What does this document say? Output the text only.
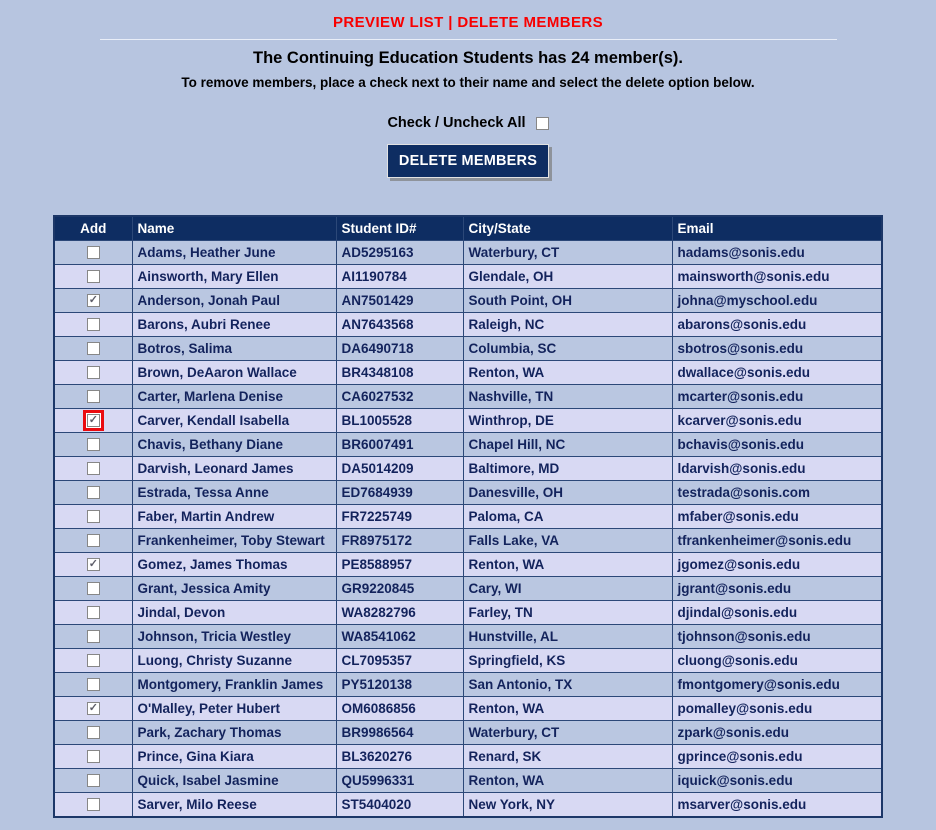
PREVIEW LIST | DELETE MEMBERS
The Continuing Education Students has 24 member(s).
To remove members, place a check next to their name and select the delete option below.
Check / Uncheck All
DELETE MEMBERS
Add	Name	Student ID#	City/State	Email
	Adams, Heather June	AD5295163	Waterbury, CT	hadams@sonis.edu
	Ainsworth, Mary Ellen	AI1190784	Glendale, OH	mainsworth@sonis.edu
	Anderson, Jonah Paul	AN7501429	South Point, OH	johna@myschool.edu
	Barons, Aubri Renee	AN7643568	Raleigh, NC	abarons@sonis.edu
	Botros, Salima	DA6490718	Columbia, SC	sbotros@sonis.edu
	Brown, DeAaron Wallace	BR4348108	Renton, WA	dwallace@sonis.edu
	Carter, Marlena Denise	CA6027532	Nashville, TN	mcarter@sonis.edu
	Carver, Kendall Isabella	BL1005528	Winthrop, DE	kcarver@sonis.edu
	Chavis, Bethany Diane	BR6007491	Chapel Hill, NC	bchavis@sonis.edu
	Darvish, Leonard James	DA5014209	Baltimore, MD	ldarvish@sonis.edu
	Estrada, Tessa Anne	ED7684939	Danesville, OH	testrada@sonis.com
	Faber, Martin Andrew	FR7225749	Paloma, CA	mfaber@sonis.edu
	Frankenheimer, Toby Stewart	FR8975172	Falls Lake, VA	tfrankenheimer@sonis.edu
	Gomez, James Thomas	PE8588957	Renton, WA	jgomez@sonis.edu
	Grant, Jessica Amity	GR9220845	Cary, WI	jgrant@sonis.edu
	Jindal, Devon	WA8282796	Farley, TN	djindal@sonis.edu
	Johnson, Tricia Westley	WA8541062	Hunstville, AL	tjohnson@sonis.edu
	Luong, Christy Suzanne	CL7095357	Springfield, KS	cluong@sonis.edu
	Montgomery, Franklin James	PY5120138	San Antonio, TX	fmontgomery@sonis.edu
	O'Malley, Peter Hubert	OM6086856	Renton, WA	pomalley@sonis.edu
	Park, Zachary Thomas	BR9986564	Waterbury, CT	zpark@sonis.edu
	Prince, Gina Kiara	BL3620276	Renard, SK	gprince@sonis.edu
	Quick, Isabel Jasmine	QU5996331	Renton, WA	iquick@sonis.edu
	Sarver, Milo Reese	ST5404020	New York, NY	msarver@sonis.edu
